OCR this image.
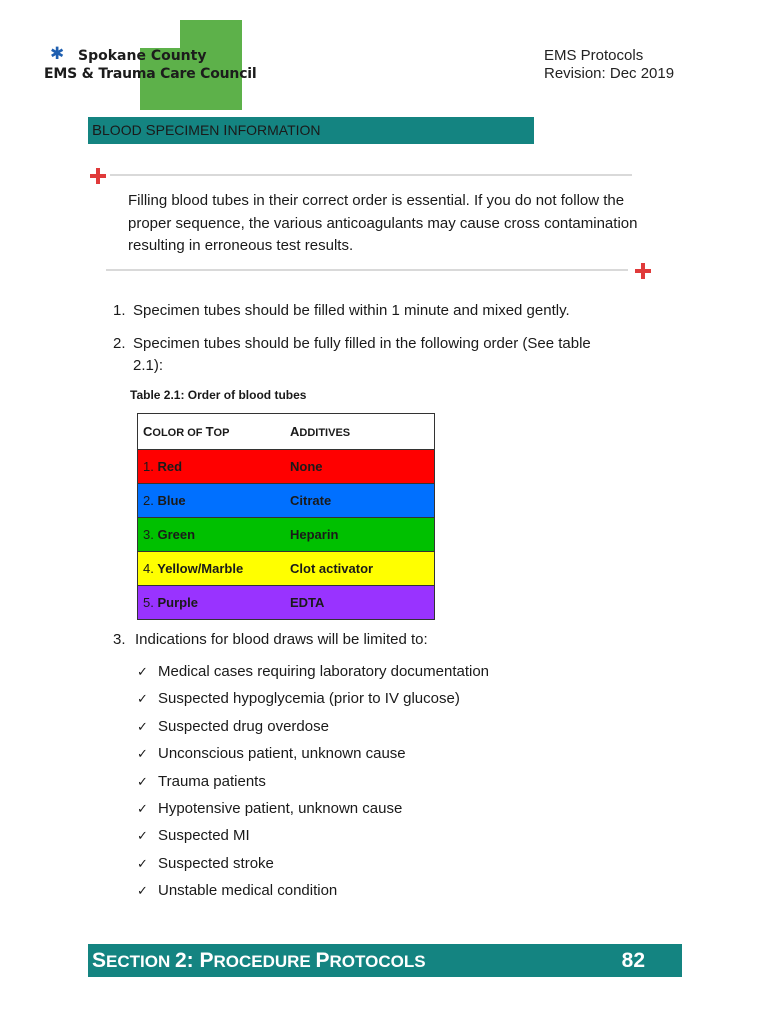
✱ Spokane County
EMS & Trauma Care Council
EMS Protocols
Revision: Dec 2019
BLOOD SPECIMEN INFORMATION
Filling blood tubes in their correct order is essential. If you do not follow the proper sequence, the various anticoagulants may cause cross contamination resulting in erroneous test results.
1. Specimen tubes should be filled within 1 minute and mixed gently.
2. Specimen tubes should be fully filled in the following order (See table
2.1):
Table 2.1: Order of blood tubes
COLOR OF TOP	ADDITIVES
1. Red	None
2. Blue	Citrate
3. Green	Heparin
4. Yellow/Marble	Clot activator
5. Purple	EDTA
3. Indications for blood draws will be limited to:
✓ Medical cases requiring laboratory documentation
✓ Suspected hypoglycemia (prior to IV glucose)
✓ Suspected drug overdose
✓ Unconscious patient, unknown cause
✓ Trauma patients
✓ Hypotensive patient, unknown cause
✓ Suspected MI
✓ Suspected stroke
✓ Unstable medical condition
SECTION 2: PROCEDURE PROTOCOLS	82
